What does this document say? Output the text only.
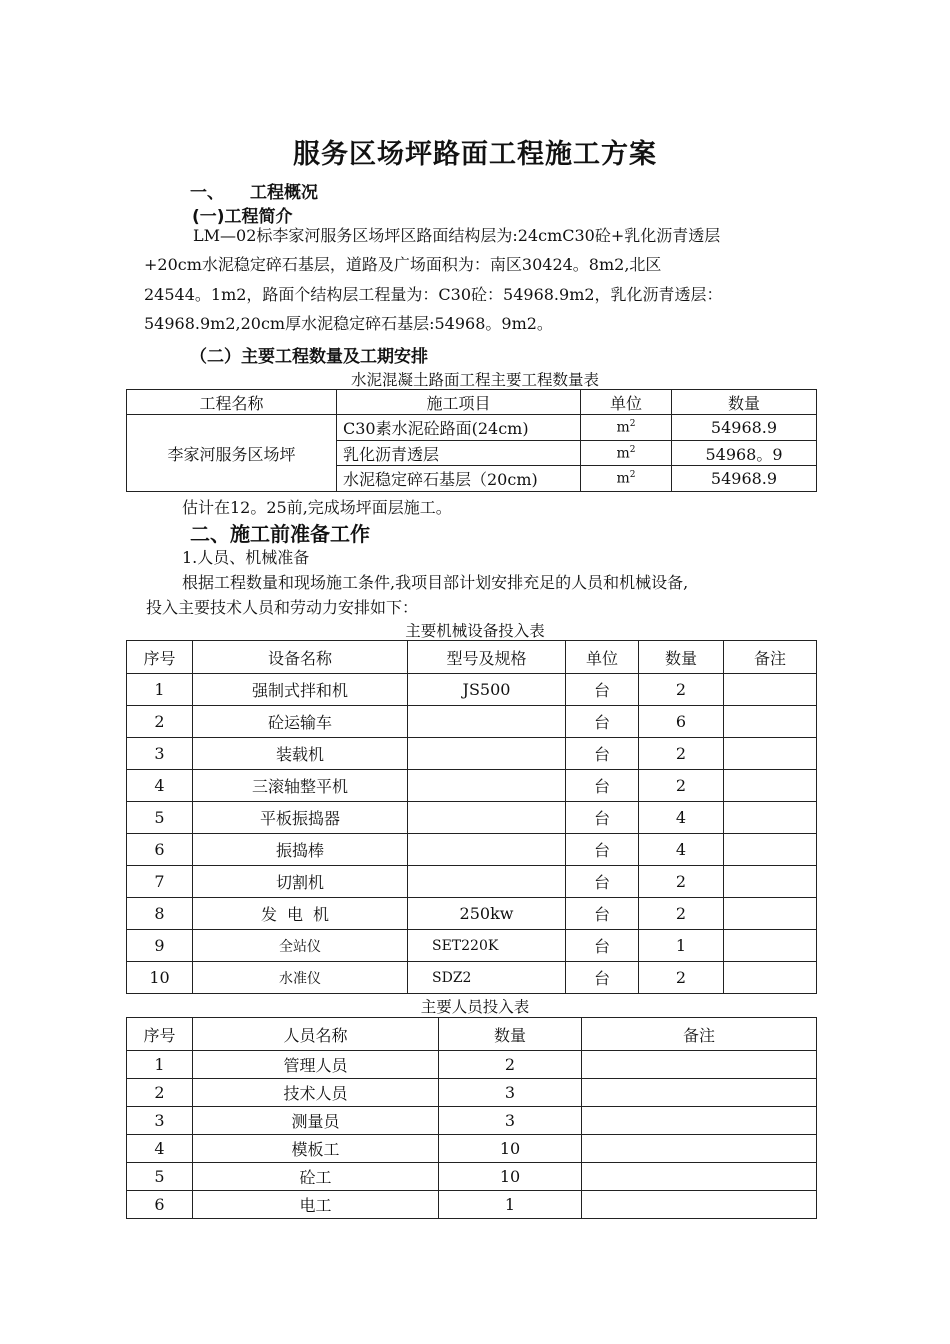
服务区场坪路面工程施工方案
一、 工程概况
(一)工程简介
LM—02标李家河服务区场坪区路面结构层为:24cmC30砼+乳化沥青透层
+20cm水泥稳定碎石基层，道路及广场面积为：南区30424。8m2,北区
24544。1m2，路面个结构层工程量为：C30砼：54968.9m2，乳化沥青透层：
54968.9m2,20cm厚水泥稳定碎石基层:54968。9m2。
（二）主要工程数量及工期安排
水泥混凝土路面工程主要工程数量表
工程名称	施工项目	单位	数量
李家河服务区场坪	C30素水泥砼路面(24cm)	$m^2$	54968.9
	乳化沥青透层	$m^2$	54968。9
	水泥稳定碎石基层（20cm)	$m^2$	54968.9
估计在12。25前,完成场坪面层施工。
二、施工前准备工作
1.人员、机械准备
根据工程数量和现场施工条件,我项目部计划安排充足的人员和机械设备,
投入主要技术人员和劳动力安排如下：
主要机械设备投入表
序号	设备名称	型号及规格	单位	数量	备注
1	强制式拌和机	JS500	台	2	
2	砼运输车		台	6	
3	装载机		台	2	
4	三滚轴整平机		台	2	
5	平板振捣器		台	4	
6	振捣棒		台	4	
7	切割机		台	2	
8	发电机	250kw	台	2	
9	全站仪	SET220K	台	1	
10	水准仪	SDZ2	台	2	
主要人员投入表
序号	人员名称	数量	备注
1	管理人员	2	
2	技术人员	3	
3	测量员	3	
4	模板工	10	
5	砼工	10	
6	电工	1	
